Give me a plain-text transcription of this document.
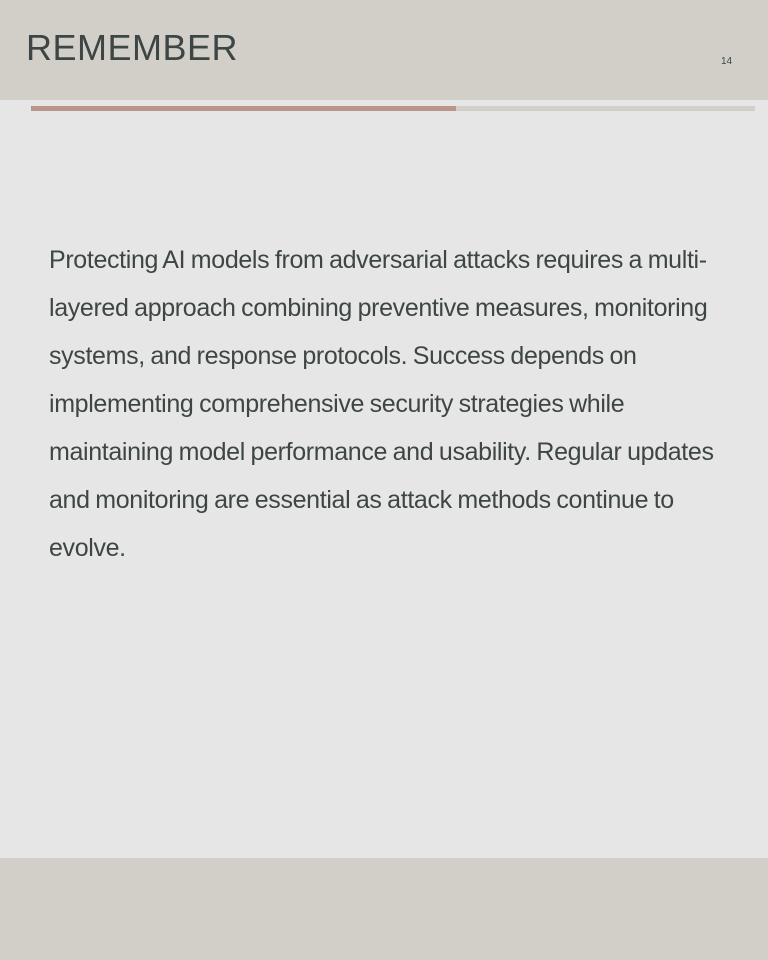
REMEMBER	14

Protecting AI models from adversarial attacks requires a multi-layered approach combining preventive measures, monitoring systems, and response protocols. Success depends on implementing comprehensive security strategies while maintaining model performance and usability. Regular updates and monitoring are essential as attack methods continue to evolve.
